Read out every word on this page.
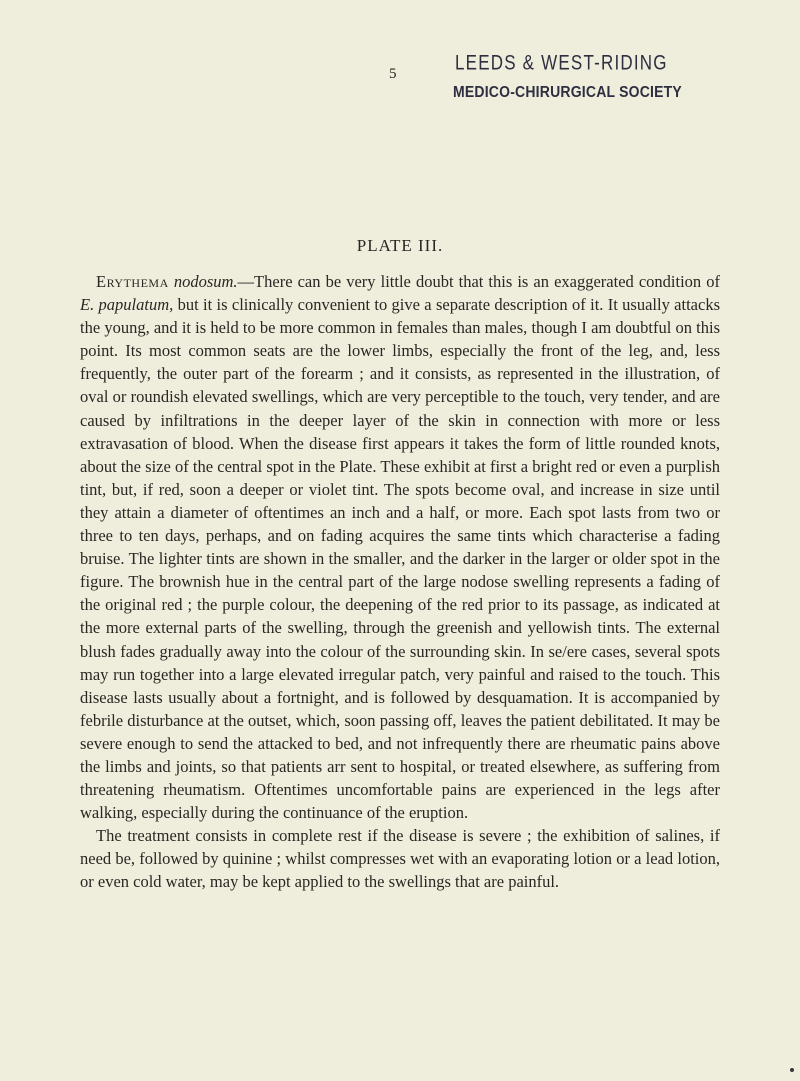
5	LEEDS & WEST-RIDING
MEDICO-CHIRURGICAL SOCIETY
PLATE III.

Erythema nodosum.—There can be very little doubt that this is an exaggerated condition of E. papulatum, but it is clinically convenient to give a separate description of it. It usually attacks the young, and it is held to be more common in females than males, though I am doubtful on this point. Its most common seats are the lower limbs, especially the front of the leg, and, less frequently, the outer part of the forearm ; and it consists, as represented in the illustration, of oval or roundish elevated swellings, which are very perceptible to the touch, very tender, and are caused by infiltrations in the deeper layer of the skin in connection with more or less extravasation of blood. When the disease first appears it takes the form of little rounded knots, about the size of the central spot in the Plate. These exhibit at first a bright red or even a purplish tint, but, if red, soon a deeper or violet tint. The spots become oval, and increase in size until they attain a diameter of oftentimes an inch and a half, or more. Each spot lasts from two or three to ten days, perhaps, and on fading acquires the same tints which characterise a fading bruise. The lighter tints are shown in the smaller, and the darker in the larger or older spot in the figure. The brownish hue in the central part of the large nodose swelling represents a fading of the original red ; the purple colour, the deepening of the red prior to its passage, as indicated at the more external parts of the swelling, through the greenish and yellowish tints. The external blush fades gradually away into the colour of the surrounding skin. In se/ere cases, several spots may run together into a large elevated irregular patch, very painful and raised to the touch. This disease lasts usually about a fortnight, and is followed by desquamation. It is accompanied by febrile disturbance at the outset, which, soon passing off, leaves the patient debilitated. It may be severe enough to send the attacked to bed, and not infrequently there are rheumatic pains above the limbs and joints, so that patients arr sent to hospital, or treated elsewhere, as suffering from threatening rheumatism. Oftentimes uncomfortable pains are experienced in the legs after walking, especially during the continuance of the eruption.

The treatment consists in complete rest if the disease is severe ; the exhibition of salines, if need be, followed by quinine ; whilst compresses wet with an evaporating lotion or a lead lotion, or even cold water, may be kept applied to the swellings that are painful.
